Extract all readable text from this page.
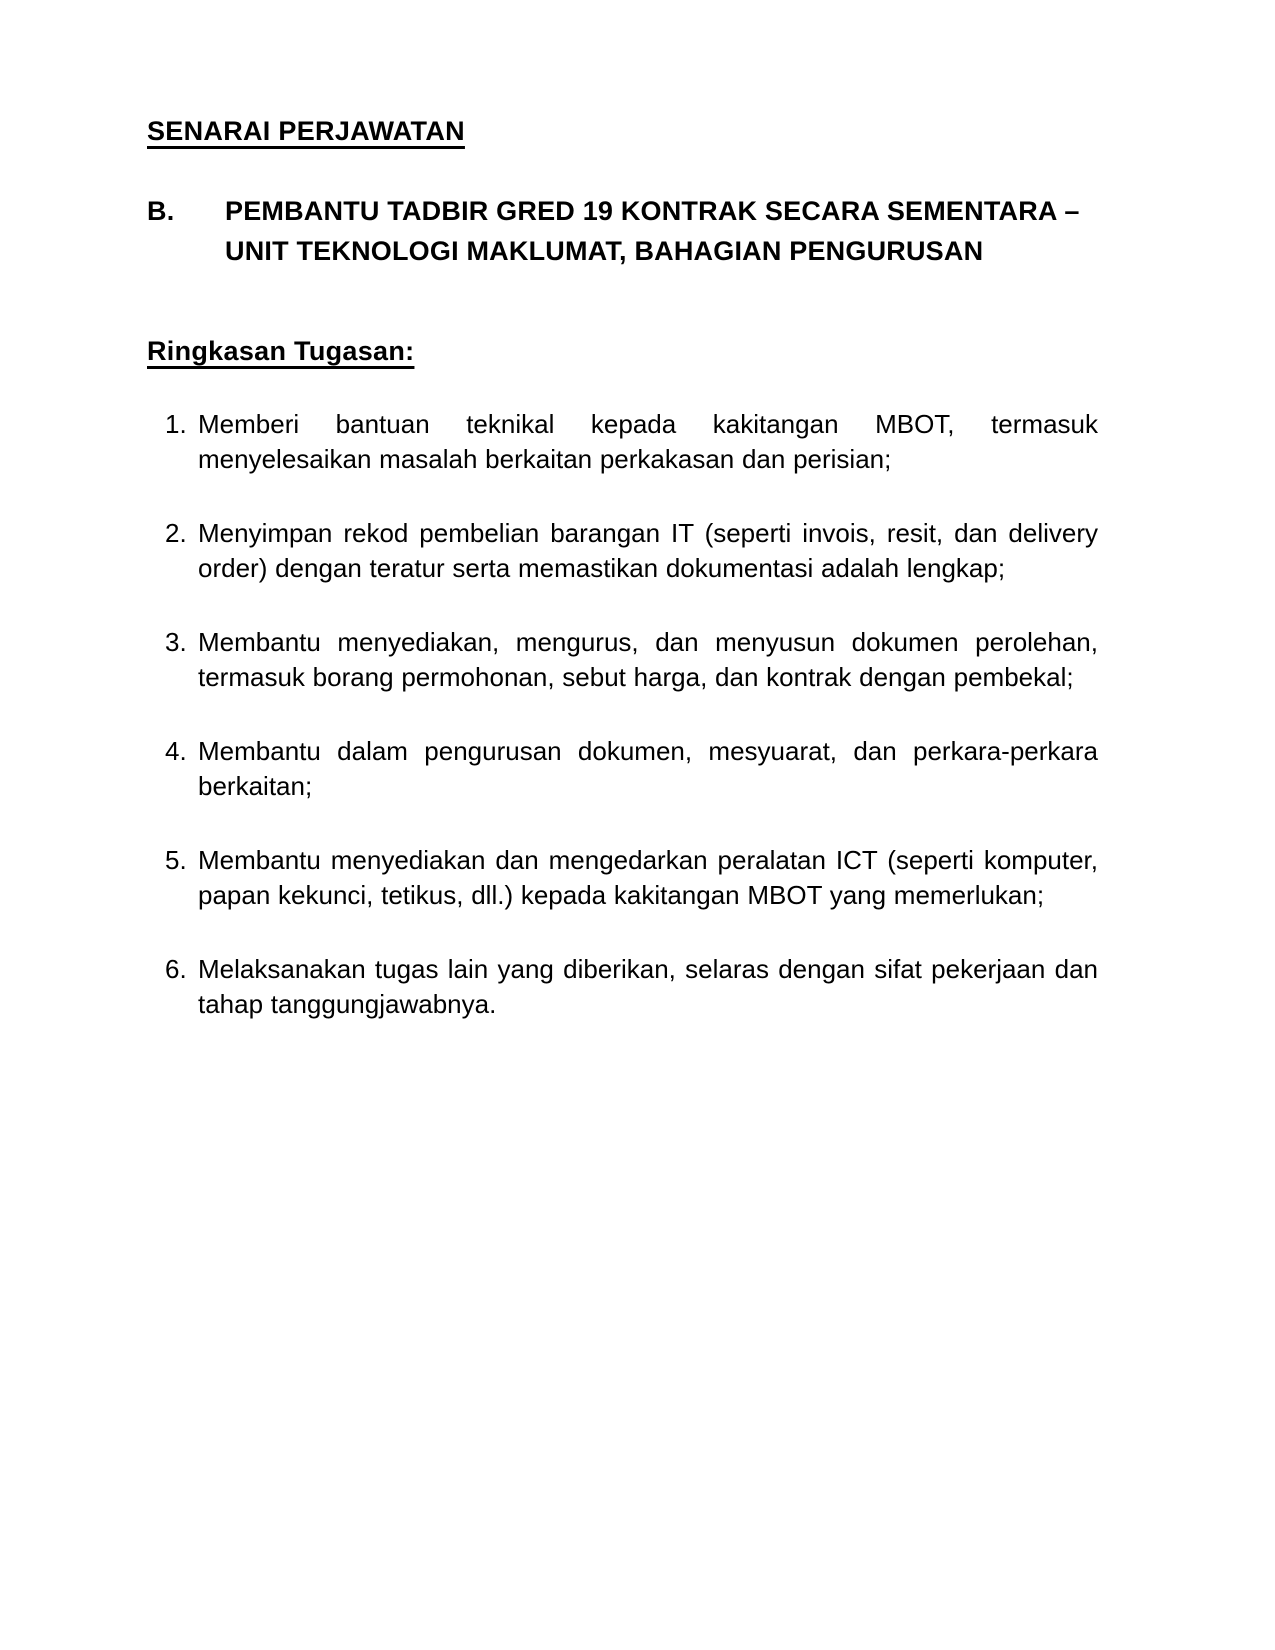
SENARAI PERJAWATAN
B.	PEMBANTU TADBIR GRED 19 KONTRAK SECARA SEMENTARA –
UNIT TEKNOLOGI MAKLUMAT, BAHAGIAN PENGURUSAN
Ringkasan Tugasan:
1. Memberi bantuan teknikal kepada kakitangan MBOT, termasuk menyelesaikan masalah berkaitan perkakasan dan perisian;
2. Menyimpan rekod pembelian barangan IT (seperti invois, resit, dan delivery order) dengan teratur serta memastikan dokumentasi adalah lengkap;
3. Membantu menyediakan, mengurus, dan menyusun dokumen perolehan, termasuk borang permohonan, sebut harga, dan kontrak dengan pembekal;
4. Membantu dalam pengurusan dokumen, mesyuarat, dan perkara-perkara berkaitan;
5. Membantu menyediakan dan mengedarkan peralatan ICT (seperti komputer, papan kekunci, tetikus, dll.) kepada kakitangan MBOT yang memerlukan;
6. Melaksanakan tugas lain yang diberikan, selaras dengan sifat pekerjaan dan tahap tanggungjawabnya.
